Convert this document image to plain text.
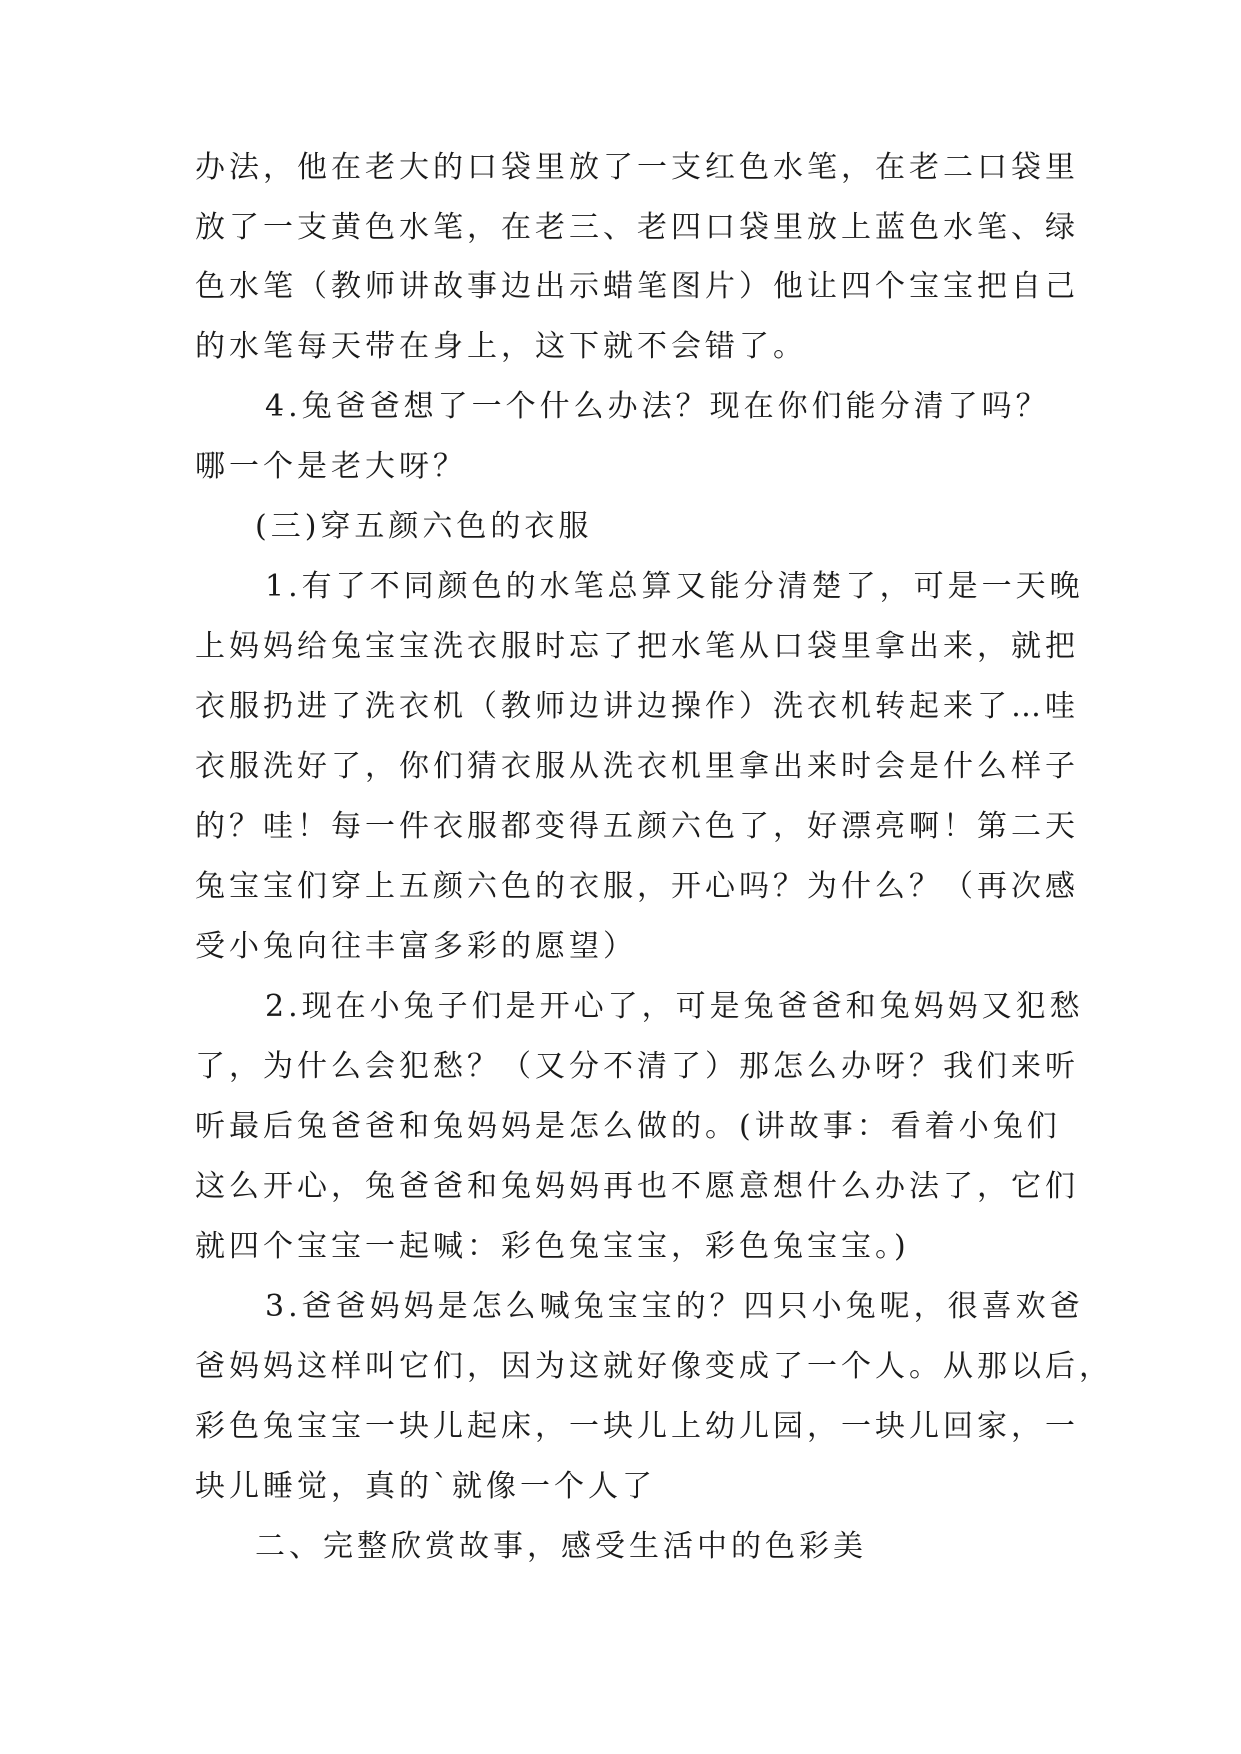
办法，他在老大的口袋里放了一支红色水笔，在老二口袋里
放了一支黄色水笔，在老三、老四口袋里放上蓝色水笔、绿
色水笔（教师讲故事边出示蜡笔图片）他让四个宝宝把自己
的水笔每天带在身上，这下就不会错了。
4.兔爸爸想了一个什么办法？现在你们能分清了吗？
哪一个是老大呀？
(三)穿五颜六色的衣服
1.有了不同颜色的水笔总算又能分清楚了，可是一天晚
上妈妈给兔宝宝洗衣服时忘了把水笔从口袋里拿出来，就把
衣服扔进了洗衣机（教师边讲边操作）洗衣机转起来了…哇
衣服洗好了，你们猜衣服从洗衣机里拿出来时会是什么样子
的？哇！每一件衣服都变得五颜六色了，好漂亮啊！第二天
兔宝宝们穿上五颜六色的衣服，开心吗？为什么？（再次感
受小兔向往丰富多彩的愿望）
2.现在小兔子们是开心了，可是兔爸爸和兔妈妈又犯愁
了，为什么会犯愁？（又分不清了）那怎么办呀？我们来听
听最后兔爸爸和兔妈妈是怎么做的。(讲故事：看着小兔们
这么开心，兔爸爸和兔妈妈再也不愿意想什么办法了，它们
就四个宝宝一起喊：彩色兔宝宝，彩色兔宝宝。)
3.爸爸妈妈是怎么喊兔宝宝的？四只小兔呢，很喜欢爸
爸妈妈这样叫它们，因为这就好像变成了一个人。从那以后，
彩色兔宝宝一块儿起床，一块儿上幼儿园，一块儿回家，一
块儿睡觉，真的`就像一个人了
二、完整欣赏故事，感受生活中的色彩美
